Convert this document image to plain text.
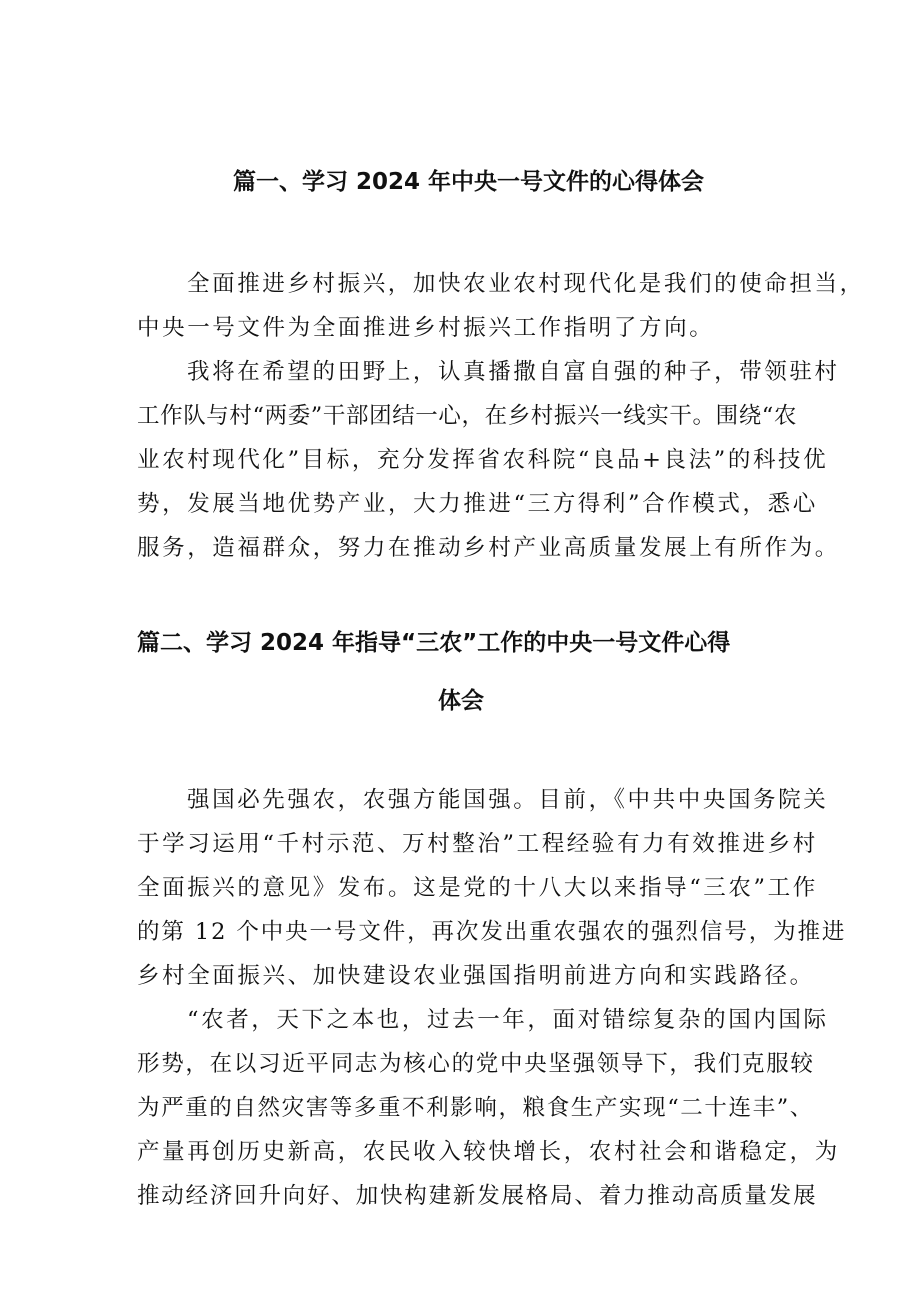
篇一、学习 2024 年中央一号文件的心得体会
全面推进乡村振兴，加快农业农村现代化是我们的使命担当，
中央一号文件为全面推进乡村振兴工作指明了方向。
我将在希望的田野上，认真播撒自富自强的种子，带领驻村
工作队与村“两委”干部团结一心，在乡村振兴一线实干。围绕“农
业农村现代化”目标，充分发挥省农科院“良品+良法”的科技优
势，发展当地优势产业，大力推进“三方得利”合作模式，悉心
服务，造福群众，努力在推动乡村产业高质量发展上有所作为。
篇二、学习 2024 年指导“三农”工作的中央一号文件心得
体会
强国必先强农，农强方能国强。目前，《中共中央国务院关
于学习运用“千村示范、万村整治”工程经验有力有效推进乡村
全面振兴的意见》发布。这是党的十八大以来指导“三农”工作
的第 12 个中央一号文件，再次发出重农强农的强烈信号，为推进
乡村全面振兴、加快建设农业强国指明前进方向和实践路径。
“农者，天下之本也，过去一年，面对错综复杂的国内国际
形势，在以习近平同志为核心的党中央坚强领导下，我们克服较
为严重的自然灾害等多重不利影响，粮食生产实现“二十连丰”、
产量再创历史新高，农民收入较快增长，农村社会和谐稳定，为
推动经济回升向好、加快构建新发展格局、着力推动高质量发展
